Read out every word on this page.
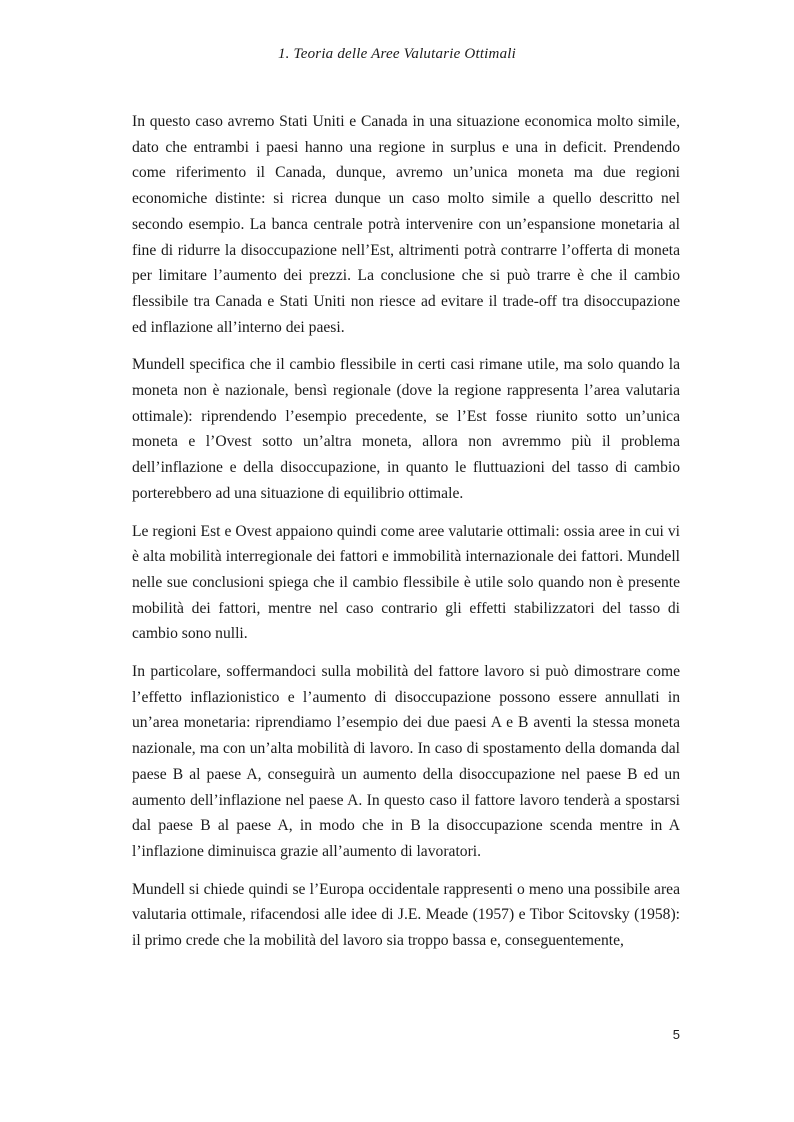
1. Teoria delle Aree Valutarie Ottimali

In questo caso avremo Stati Uniti e Canada in una situazione economica molto simile, dato che entrambi i paesi hanno una regione in surplus e una in deficit. Prendendo come riferimento il Canada, dunque, avremo un’unica moneta ma due regioni economiche distinte: si ricrea dunque un caso molto simile a quello descritto nel secondo esempio. La banca centrale potrà intervenire con un’espansione monetaria al fine di ridurre la disoccupazione nell’Est, altrimenti potrà contrarre l’offerta di moneta per limitare l’aumento dei prezzi. La conclusione che si può trarre è che il cambio flessibile tra Canada e Stati Uniti non riesce ad evitare il trade-off tra disoccupazione ed inflazione all’interno dei paesi.

Mundell specifica che il cambio flessibile in certi casi rimane utile, ma solo quando la moneta non è nazionale, bensì regionale (dove la regione rappresenta l’area valutaria ottimale): riprendendo l’esempio precedente, se l’Est fosse riunito sotto un’unica moneta e l’Ovest sotto un’altra moneta, allora non avremmo più il problema dell’inflazione e della disoccupazione, in quanto le fluttuazioni del tasso di cambio porterebbero ad una situazione di equilibrio ottimale.

Le regioni Est e Ovest appaiono quindi come aree valutarie ottimali: ossia aree in cui vi è alta mobilità interregionale dei fattori e immobilità internazionale dei fattori. Mundell nelle sue conclusioni spiega che il cambio flessibile è utile solo quando non è presente mobilità dei fattori, mentre nel caso contrario gli effetti stabilizzatori del tasso di cambio sono nulli.

In particolare, soffermandoci sulla mobilità del fattore lavoro si può dimostrare come l’effetto inflazionistico e l’aumento di disoccupazione possono essere annullati in un’area monetaria: riprendiamo l’esempio dei due paesi A e B aventi la stessa moneta nazionale, ma con un’alta mobilità di lavoro. In caso di spostamento della domanda dal paese B al paese A, conseguirà un aumento della disoccupazione nel paese B ed un aumento dell’inflazione nel paese A. In questo caso il fattore lavoro tenderà a spostarsi dal paese B al paese A, in modo che in B la disoccupazione scenda mentre in A l’inflazione diminuisca grazie all’aumento di lavoratori.

Mundell si chiede quindi se l’Europa occidentale rappresenti o meno una possibile area valutaria ottimale, rifacendosi alle idee di J.E. Meade (1957) e Tibor Scitovsky (1958): il primo crede che la mobilità del lavoro sia troppo bassa e, conseguentemente,

5
